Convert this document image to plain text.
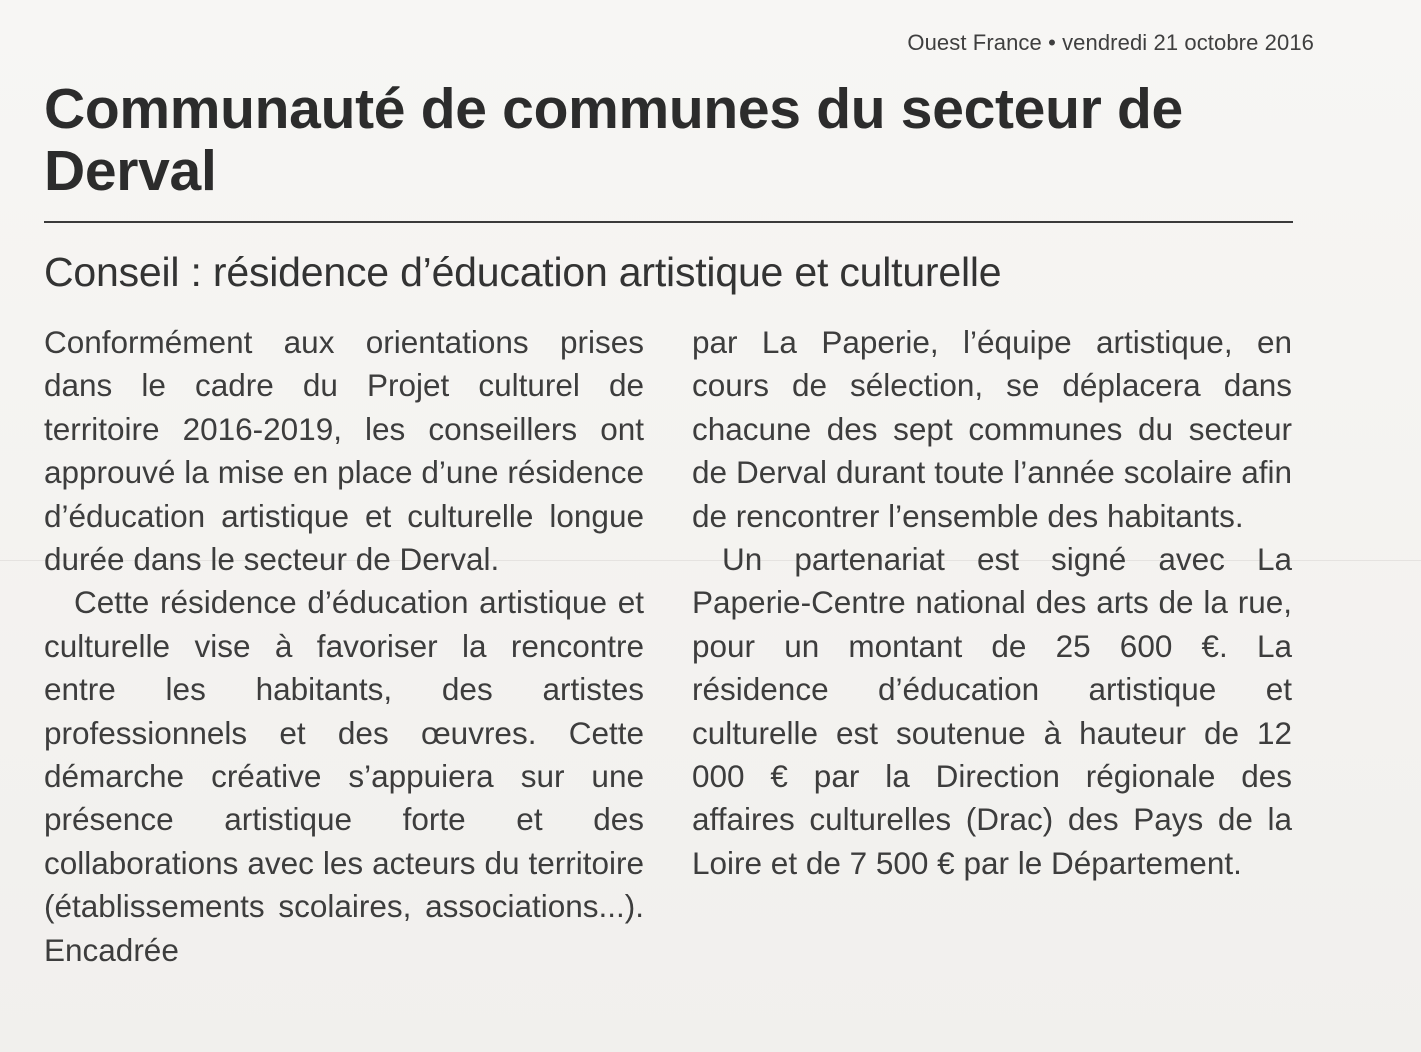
Ouest France • vendredi 21 octobre 2016
Communauté de communes du secteur de Derval
Conseil : résidence d’éducation artistique et culturelle

Conformément aux orientations prises dans le cadre du Projet culturel de territoire 2016-2019, les conseillers ont approuvé la mise en place d’une résidence d’éducation artistique et culturelle longue durée dans le secteur de Derval.

Cette résidence d’éducation artistique et culturelle vise à favoriser la rencontre entre les habitants, des artistes professionnels et des œuvres. Cette démarche créative s’appuiera sur une présence artistique forte et des collaborations avec les acteurs du territoire (établissements scolaires, associations...). Encadrée

par La Paperie, l’équipe artistique, en cours de sélection, se déplacera dans chacune des sept communes du secteur de Derval durant toute l’année scolaire afin de rencontrer l’ensemble des habitants.

Un partenariat est signé avec La Paperie-Centre national des arts de la rue, pour un montant de 25 600 €. La résidence d’éducation artistique et culturelle est soutenue à hauteur de 12 000 € par la Direction régionale des affaires culturelles (Drac) des Pays de la Loire et de 7 500 € par le Département.
